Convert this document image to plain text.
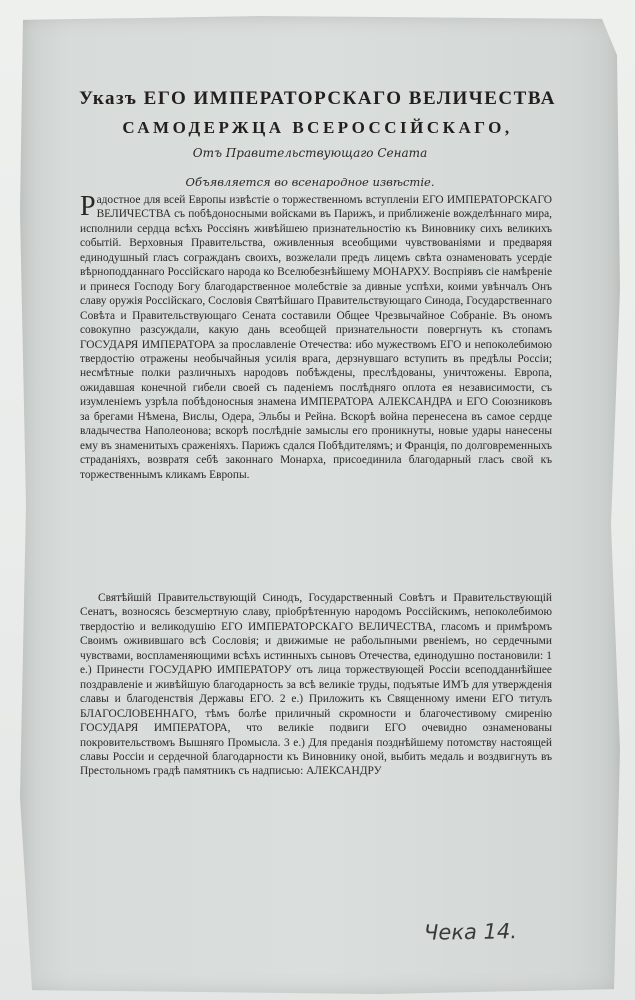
Указъ ЕГО ИМПЕРАТОРСКАГО ВЕЛИЧЕСТВА
САМОДЕРЖЦА ВСЕРОССІЙСКАГО,
Отъ Правительствующаго Сената
Объявляется во всенародное извѣстіе.
Радостное для всей Европы извѣстіе о торжественномъ вступленіи ЕГО ИМПЕРАТОРСКАГО ВЕЛИЧЕСТВА съ побѣдоносными войсками въ Парижъ, и приближеніе вожделѣннаго мира, исполнили сердца всѣхъ Россіянъ живѣйшею признательностію къ Виновнику сихъ великихъ событій. Верховныя Правительства, оживленныя всеобщими чувствованіями и предваряя единодушный гласъ сограждaнъ своихъ, возжелали предъ лицемъ свѣта ознаменовать усердіе вѣрноподданнаго Россійскаго народа ко Вселюбезнѣйшему МОНАРХУ. Воспрiявъ сіе намѣреніе и принеся Господу Богу благодарственное молебствіе за дивные успѣхи, коими увѣнчалъ Онъ славу оружія Россійскаго, Сословія Святѣйшаго Правительствующаго Синода, Государственнаго Совѣта и Правительствующаго Сената составили Общее Чрезвычайное Собраніе. Въ ономъ совокупно разсуждали, какую дань всеобщей признательности повергнуть къ стопамъ ГОСУДАРЯ ИМПЕРАТОРА за прославленіе Отечества: ибо мужествомъ ЕГО и непоколебимою твердостію отражены необычайныя усилія врага, дерзнувшаго вступить въ предѣлы Россіи; несмѣтные полки различныхъ народовъ побѣждены, преслѣдованы, уничтожены. Европа, ожидавшая конечной гибели своей съ паденіемъ послѣдняго оплота ея независимости, съ изумленіемъ узрѣла побѣдоносныя знамена ИМПЕРАТОРА АЛЕКСАНДРА и ЕГО Союзниковъ за брегами Нѣмена, Вислы, Одера, Эльбы и Рейна. Вскорѣ война перенесена въ самое сердце владычества Наполеонова; вскорѣ послѣдніе замыслы его проникнуты, новые удары нанесены ему въ знаменитыхъ сраженіяхъ. Парижъ сдался Побѣдителямъ; и Франція, по долговременныхъ страданіяхъ, возвратя себѣ законнаго Монарха, присоединила благодарный гласъ свой къ торжественнымъ кликамъ Европы.
Святѣйшій Правительствующій Синодъ, Государственный Совѣтъ и Правительствующій Сенатъ, возносясь безсмертную славу, пріобрѣтенную народомъ Россійскимъ, непоколебимою твердостію и великодушію ЕГО ИМПЕРАТОРСКАГО ВЕЛИЧЕСТВА, гласомъ и примѣромъ Своимъ оживившаго всѣ Сословія; и движимые не рабольпными рвеніемъ, но сердечными чувствами, воспламеняющими всѣхъ истинныхъ сыновъ Отечества, единодушно постановили: 1 е.) Принести ГОСУДАРЮ ИМПЕРАТОРУ отъ лица торжествующей Россіи всеподданнѣйшее поздравленіе и живѣйшую благодарность за всѣ великіе труды, подъятые ИМЪ для утвержденія славы и благоденствія Державы ЕГО. 2 е.) Приложить къ Священному имени ЕГО титулъ БЛАГОСЛОВЕННАГО, тѣмъ болѣе приличный скромности и благочестивому смиренію ГОСУДАРЯ ИМПЕРАТОРА, что великіе подвиги ЕГО очевидно ознаменованы покровительствомъ Вышняго Промысла. 3 е.) Для преданія позднѣйшему потомству настоящей славы Россіи и сердечной благодарности къ Виновнику оной, выбить медаль и воздвигнуть въ Престольномъ градѣ памятникъ съ надписью: АЛЕКСАНДРУ
Чека 14.
